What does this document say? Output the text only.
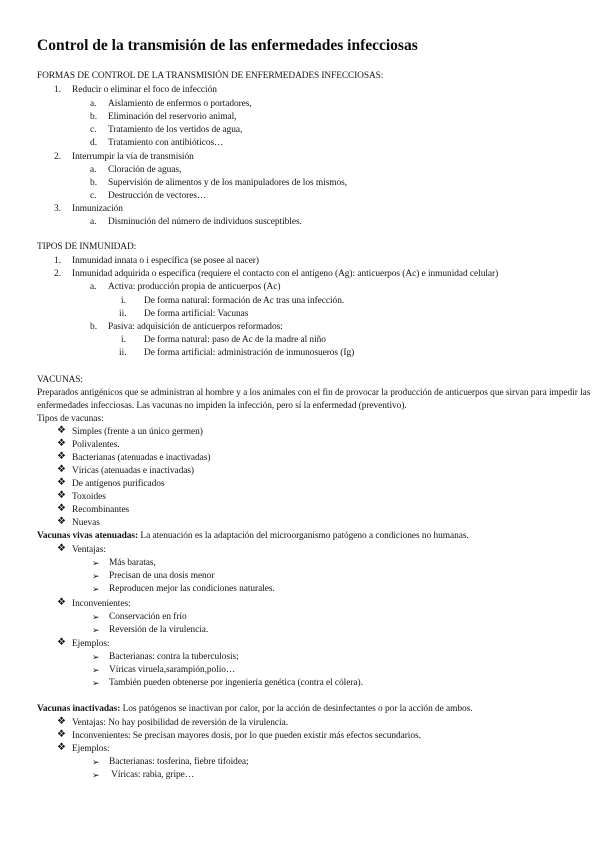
Control de la transmisión de las enfermedades infecciosas
FORMAS DE CONTROL DE LA TRANSMISIÓN DE ENFERMEDADES INFECCIOSAS:
1. Reducir o eliminar el foco de infección
a. Aislamiento de enfermos o portadores,
b. Eliminación del reservorio animal,
c. Tratamiento de los vertidos de agua,
d. Tratamiento con antibióticos…
2. Interrumpir la vía de transmisión
a. Cloración de aguas,
b. Supervisión de alimentos y de los manipuladores de los mismos,
c. Destrucción de vectores…
3. Inmunización
a. Disminución del número de individuos susceptibles.
TIPOS DE INMUNIDAD:
1. Inmunidad innata o i específica (se posee al nacer)
2. Inmunidad adquirida o específica (requiere el contacto con el antígeno (Ag): anticuerpos (Ac) e inmunidad celular)
a. Activa: producción propia de anticuerpos (Ac)
i. De forma natural: formación de Ac tras una infección.
ii. De forma artificial: Vacunas
b. Pasiva: adquisición de anticuerpos reformados:
i. De forma natural: paso de Ac de la madre al niño
ii. De forma artificial: administración de inmunosueros (Ig)
VACUNAS:
Preparados antigénicos que se administran al hombre y a los animales con el fin de provocar la producción de anticuerpos que sirvan para impedir las enfermedades infecciosas. Las vacunas no impiden la infección, pero sí la enfermedad (preventivo).
Tipos de vacunas:
❖ Simples (frente a un único germen)
❖ Polivalentes.
❖ Bacterianas (atenuadas e inactivadas)
❖ Víricas (atenuadas e inactivadas)
❖ De antígenos purificados
❖ Toxoides
❖ Recombinantes
❖ Nuevas
Vacunas vivas atenuadas: La atenuación es la adaptación del microorganismo patógeno a condiciones no humanas.
❖ Ventajas:
➢ Más baratas,
➢ Precisan de una dosis menor
➢ Reproducen mejor las condiciones naturales.
❖ Inconvenientes:
➢ Conservación en frío
➢ Reversión de la virulencia.
❖ Ejemplos:
➢ Bacterianas: contra la tuberculosis;
➢ Víricas viruela,sarampión,polio…
➢ También pueden obtenerse por ingeniería genética (contra el cólera).
Vacunas inactivadas: Los patógenos se inactivan por calor, por la acción de desinfectantes o por la acción de ambos.
❖ Ventajas: No hay posibilidad de reversión de la virulencia.
❖ Inconvenientes: Se precisan mayores dosis, por lo que pueden existir más efectos secundarios.
❖ Ejemplos:
➢ Bacterianas: tosferina, fiebre tifoidea;
➢ Víricas: rabia, gripe…
